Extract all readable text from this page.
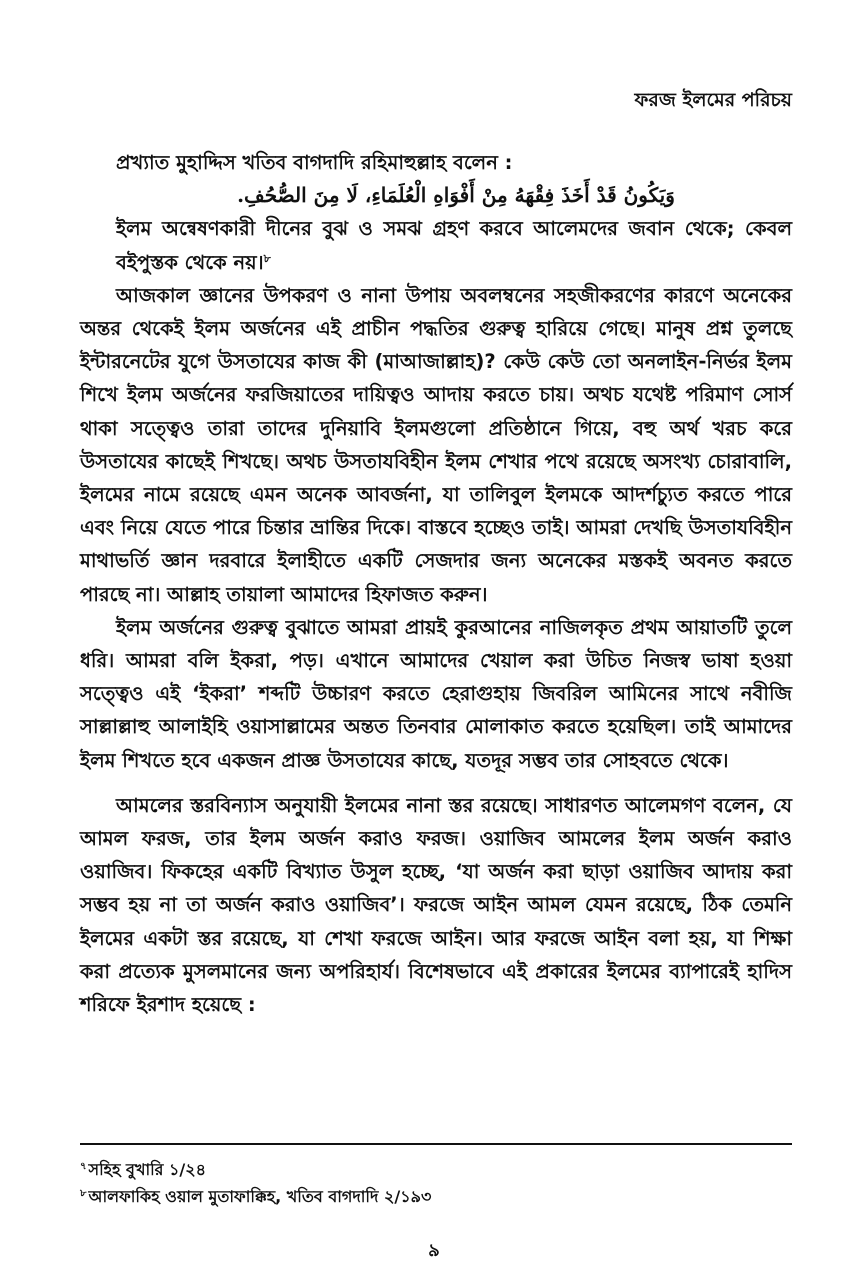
ফরজ ইলমের পরিচয়

প্রখ্যাত মুহাদ্দিস খতিব বাগদাদি রহিমাহুল্লাহ বলেন :

وَيَكُونُ قَدْ أَخَذَ فِقْهَهُ مِنْ أَفْوَاهِ الْعُلَمَاءِ، لَا مِنَ الصُّحُفِ.

ইলম অন্বেষণকারী দীনের বুঝ ও সমঝ গ্রহণ করবে আলেমদের জবান থেকে; কেবল বইপুস্তক থেকে নয়।$^৮$

আজকাল জ্ঞানের উপকরণ ও নানা উপায় অবলম্বনের সহজীকরণের কারণে অনেকের অন্তর থেকেই ইলম অর্জনের এই প্রাচীন পদ্ধতির গুরুত্ব হারিয়ে গেছে। মানুষ প্রশ্ন তুলছে ইন্টারনেটের যুগে উসতাযের কাজ কী (মাআজাল্লাহ)? কেউ কেউ তো অনলাইন-নির্ভর ইলম শিখে ইলম অর্জনের ফরজিয়াতের দায়িত্বও আদায় করতে চায়। অথচ যথেষ্ট পরিমাণ সোর্স থাকা সত্ত্বেও তারা তাদের দুনিয়াবি ইলমগুলো প্রতিষ্ঠানে গিয়ে, বহু অর্থ খরচ করে উসতাযের কাছেই শিখছে। অথচ উসতাযবিহীন ইলম শেখার পথে রয়েছে অসংখ্য চোরাবালি, ইলমের নামে রয়েছে এমন অনেক আবর্জনা, যা তালিবুল ইলমকে আদর্শচ্যুত করতে পারে এবং নিয়ে যেতে পারে চিন্তার ভ্রান্তির দিকে। বাস্তবে হচ্ছেও তাই। আমরা দেখছি উসতাযবিহীন মাথাভর্তি জ্ঞান দরবারে ইলাহীতে একটি সেজদার জন্য অনেকের মস্তকই অবনত করতে পারছে না। আল্লাহ তায়ালা আমাদের হিফাজত করুন।

ইলম অর্জনের গুরুত্ব বুঝাতে আমরা প্রায়ই কুরআনের নাজিলকৃত প্রথম আয়াতটি তুলে ধরি। আমরা বলি ইকরা, পড়। এখানে আমাদের খেয়াল করা উচিত নিজস্ব ভাষা হওয়া সত্ত্বেও এই ‘ইকরা’ শব্দটি উচ্চারণ করতে হেরাগুহায় জিবরিল আমিনের সাথে নবীজি সাল্লাল্লাহু আলাইহি ওয়াসাল্লামের অন্তত তিনবার মোলাকাত করতে হয়েছিল। তাই আমাদের ইলম শিখতে হবে একজন প্রাজ্ঞ উসতাযের কাছে, যতদূর সম্ভব তার সোহবতে থেকে।

আমলের স্তরবিন্যাস অনুযায়ী ইলমের নানা স্তর রয়েছে। সাধারণত আলেমগণ বলেন, যে আমল ফরজ, তার ইলম অর্জন করাও ফরজ। ওয়াজিব আমলের ইলম অর্জন করাও ওয়াজিব। ফিকহের একটি বিখ্যাত উসুল হচ্ছে, ‘যা অর্জন করা ছাড়া ওয়াজিব আদায় করা সম্ভব হয় না তা অর্জন করাও ওয়াজিব’। ফরজে আইন আমল যেমন রয়েছে, ঠিক তেমনি ইলমের একটা স্তর রয়েছে, যা শেখা ফরজে আইন। আর ফরজে আইন বলা হয়, যা শিক্ষা করা প্রত্যেক মুসলমানের জন্য অপরিহার্য। বিশেষভাবে এই প্রকারের ইলমের ব্যাপারেই হাদিস শরিফে ইরশাদ হয়েছে :

$^৭$ সহিহ বুখারি ১/২৪
$^৮$ আলফাকিহ ওয়াল মুতাফাক্কিহ, খতিব বাগদাদি ২/১৯৩
৯
